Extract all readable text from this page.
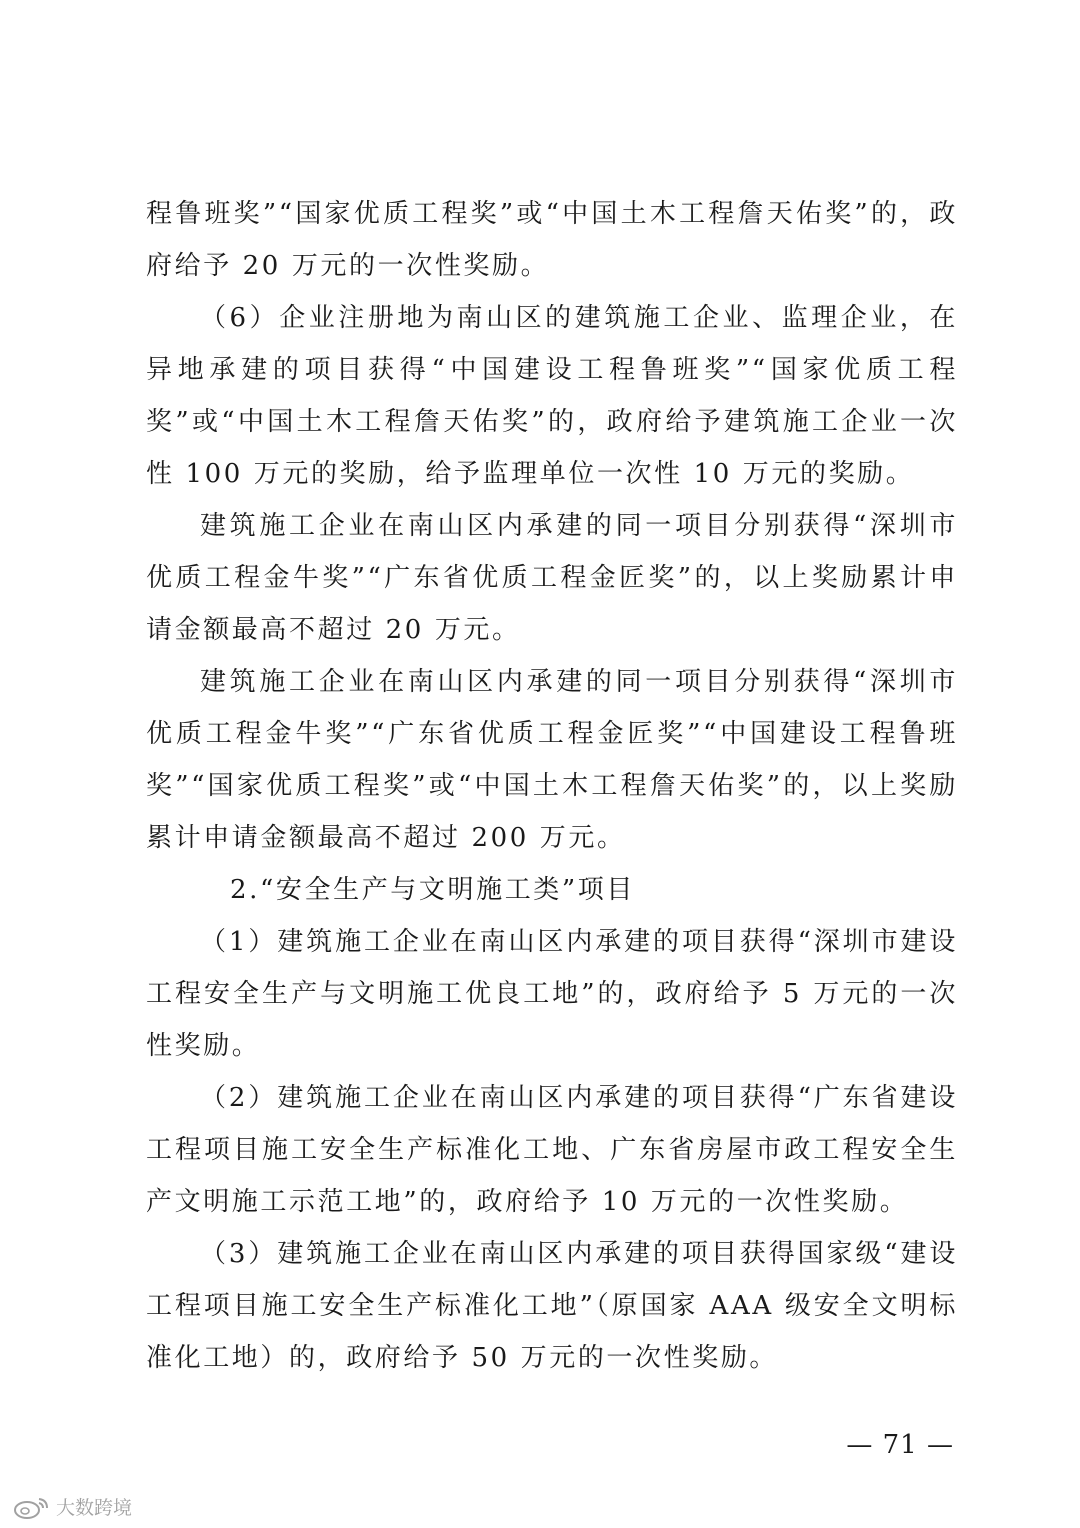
程鲁班奖”“国家优质工程奖”或“中国土木工程詹天佑奖”的，政府给予 20 万元的一次性奖励。

（6）企业注册地为南山区的建筑施工企业、监理企业，在异地承建的项目获得“中国建设工程鲁班奖”“国家优质工程奖”或“中国土木工程詹天佑奖”的，政府给予建筑施工企业一次性 100 万元的奖励，给予监理单位一次性 10 万元的奖励。

建筑施工企业在南山区内承建的同一项目分别获得“深圳市优质工程金牛奖”“广东省优质工程金匠奖”的，以上奖励累计申请金额最高不超过 20 万元。

建筑施工企业在南山区内承建的同一项目分别获得“深圳市优质工程金牛奖”“广东省优质工程金匠奖”“中国建设工程鲁班奖”“国家优质工程奖”或“中国土木工程詹天佑奖”的，以上奖励累计申请金额最高不超过 200 万元。

2.“安全生产与文明施工类”项目

（1）建筑施工企业在南山区内承建的项目获得“深圳市建设工程安全生产与文明施工优良工地”的，政府给予 5 万元的一次性奖励。

（2）建筑施工企业在南山区内承建的项目获得“广东省建设工程项目施工安全生产标准化工地、广东省房屋市政工程安全生产文明施工示范工地”的，政府给予 10 万元的一次性奖励。

（3）建筑施工企业在南山区内承建的项目获得国家级“建设工程项目施工安全生产标准化工地”（原国家 AAA 级安全文明标准化工地）的，政府给予 50 万元的一次性奖励。

— 71 —
大数跨境
